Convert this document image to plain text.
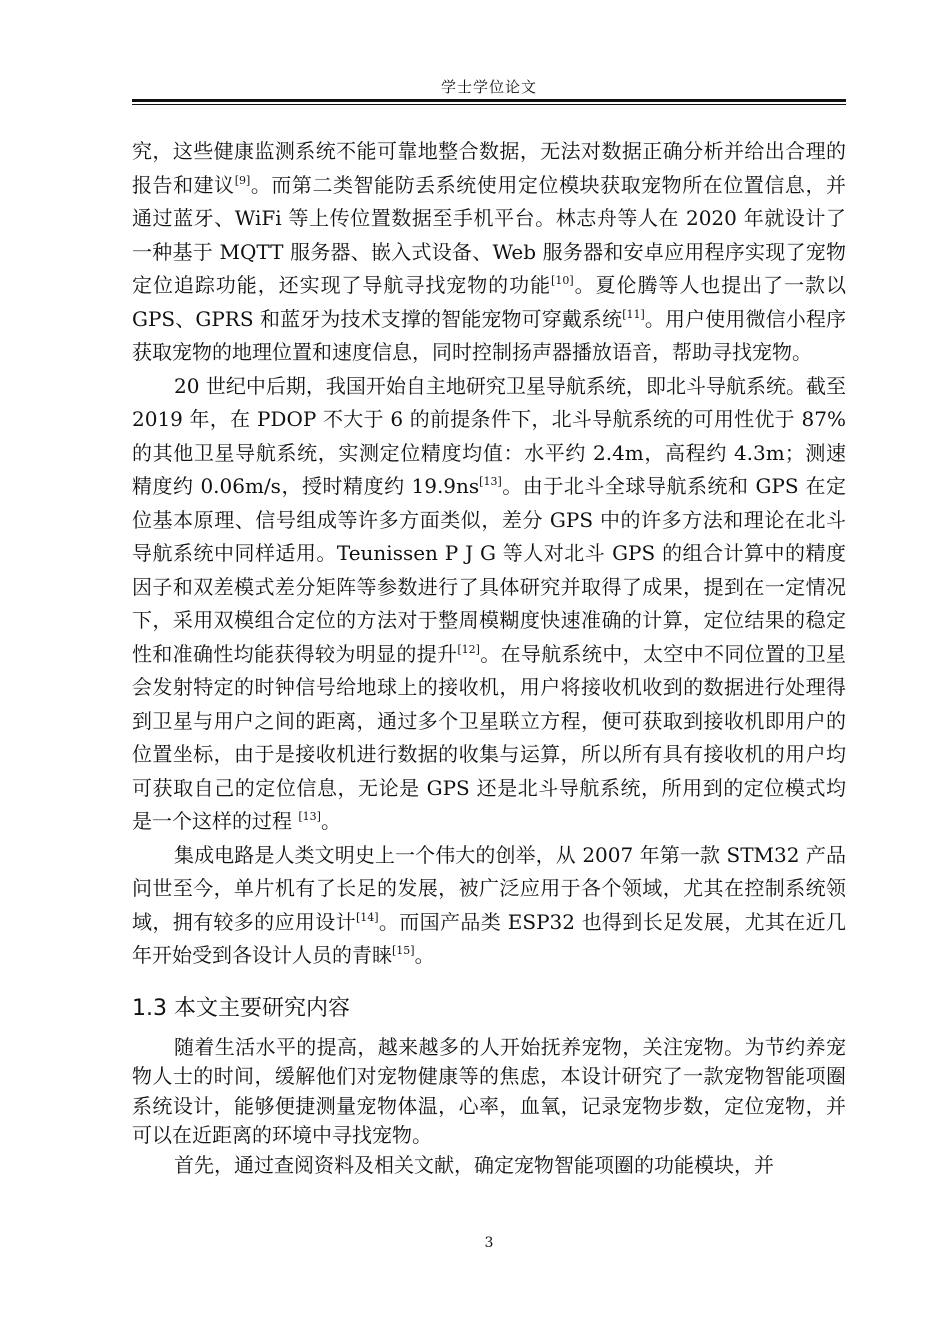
学士学位论文

究，这些健康监测系统不能可靠地整合数据，无法对数据正确分析并给出合理的报告和建议[9]。而第二类智能防丢系统使用定位模块获取宠物所在位置信息，并通过蓝牙、WiFi 等上传位置数据至手机平台。林志舟等人在 2020 年就设计了一种基于 MQTT 服务器、嵌入式设备、Web 服务器和安卓应用程序实现了宠物定位追踪功能，还实现了导航寻找宠物的功能[10]。夏伦腾等人也提出了一款以 GPS、GPRS 和蓝牙为技术支撑的智能宠物可穿戴系统[11]。用户使用微信小程序获取宠物的地理位置和速度信息，同时控制扬声器播放语音，帮助寻找宠物。

20 世纪中后期，我国开始自主地研究卫星导航系统，即北斗导航系统。截至 2019 年，在 PDOP 不大于 6 的前提条件下，北斗导航系统的可用性优于 87%的其他卫星导航系统，实测定位精度均值：水平约 2.4m，高程约 4.3m；测速精度约 0.06m/s，授时精度约 19.9ns[13]。由于北斗全球导航系统和 GPS 在定位基本原理、信号组成等许多方面类似，差分 GPS 中的许多方法和理论在北斗导航系统中同样适用。Teunissen P J G 等人对北斗 GPS 的组合计算中的精度因子和双差模式差分矩阵等参数进行了具体研究并取得了成果，提到在一定情况下，采用双模组合定位的方法对于整周模糊度快速准确的计算，定位结果的稳定性和准确性均能获得较为明显的提升[12]。在导航系统中，太空中不同位置的卫星会发射特定的时钟信号给地球上的接收机，用户将接收机收到的数据进行处理得到卫星与用户之间的距离，通过多个卫星联立方程，便可获取到接收机即用户的位置坐标，由于是接收机进行数据的收集与运算，所以所有具有接收机的用户均可获取自己的定位信息，无论是 GPS 还是北斗导航系统，所用到的定位模式均是一个这样的过程 [13]。

集成电路是人类文明史上一个伟大的创举，从 2007 年第一款 STM32 产品问世至今，单片机有了长足的发展，被广泛应用于各个领域，尤其在控制系统领域，拥有较多的应用设计[14]。而国产品类 ESP32 也得到长足发展，尤其在近几年开始受到各设计人员的青睐[15]。

1.3 本文主要研究内容

随着生活水平的提高，越来越多的人开始抚养宠物，关注宠物。为节约养宠物人士的时间，缓解他们对宠物健康等的焦虑，本设计研究了一款宠物智能项圈系统设计，能够便捷测量宠物体温，心率，血氧，记录宠物步数，定位宠物，并可以在近距离的环境中寻找宠物。

首先，通过查阅资料及相关文献，确定宠物智能项圈的功能模块，并

3
